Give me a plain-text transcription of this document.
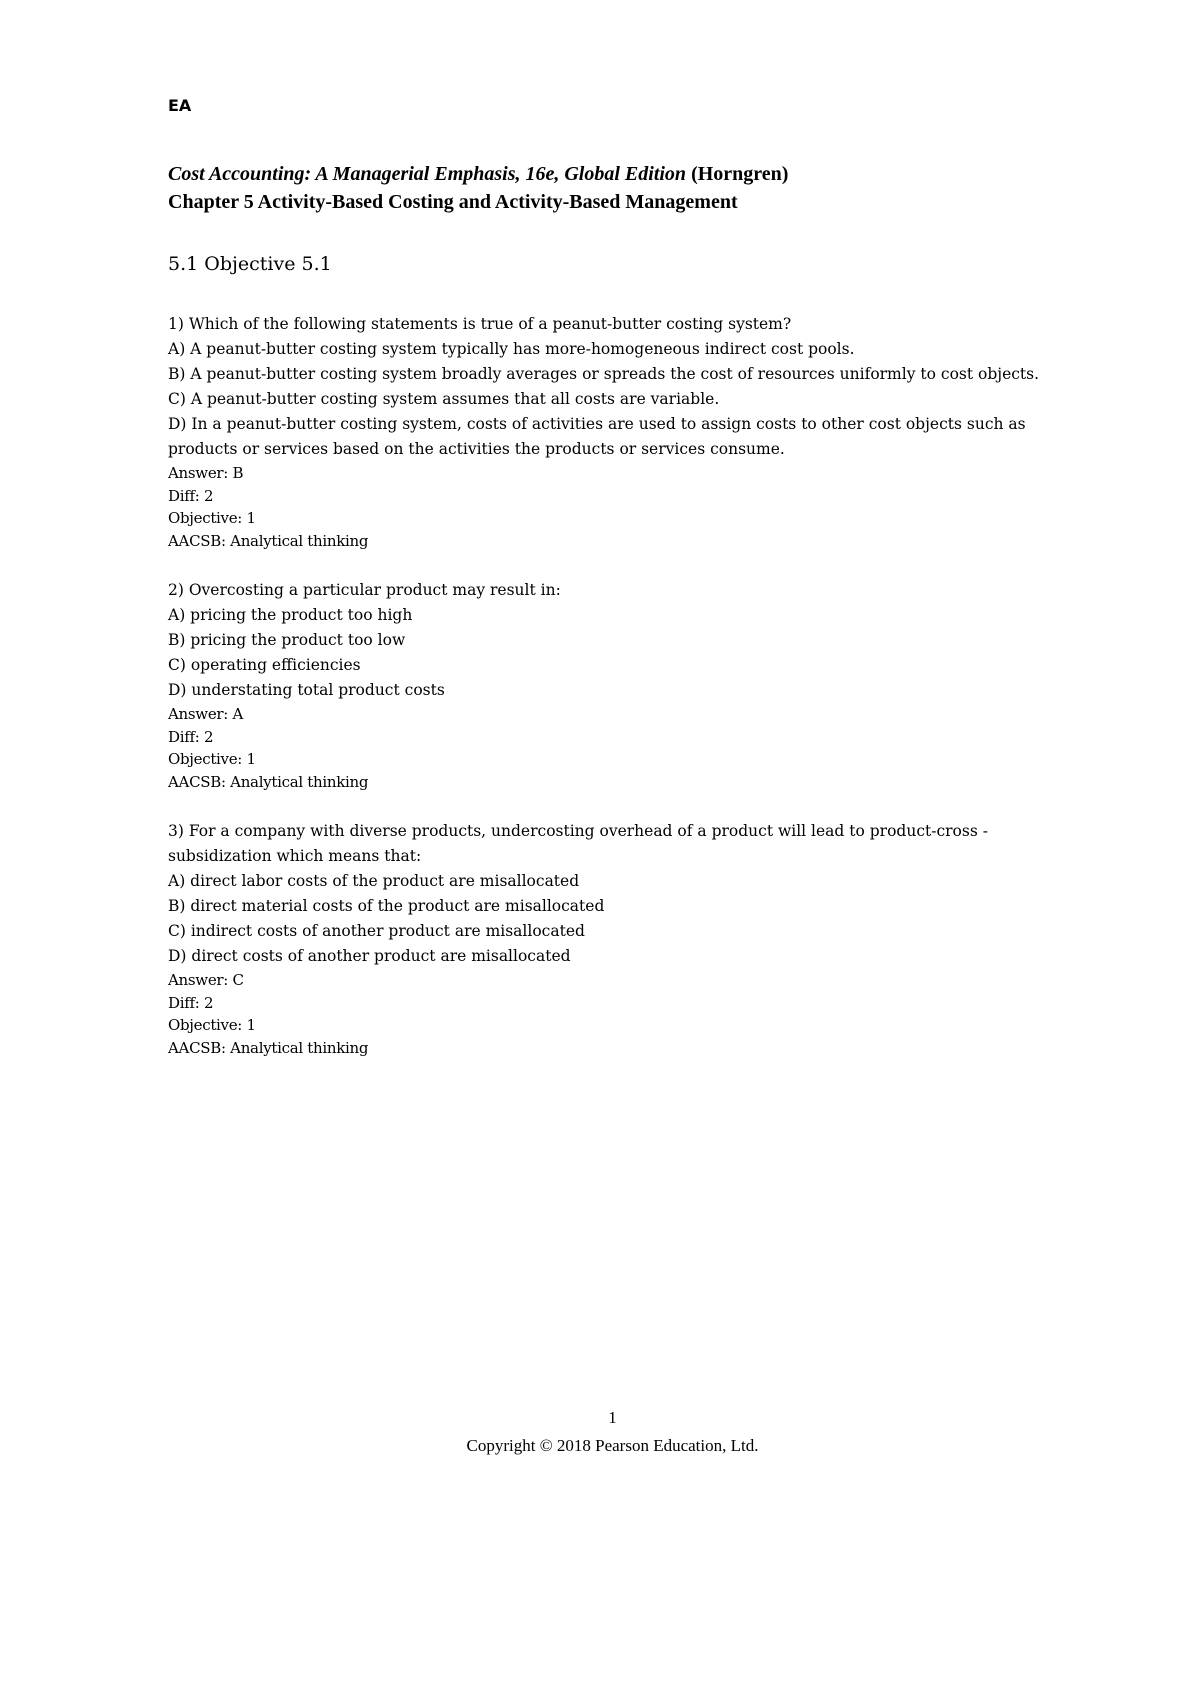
EA
Cost Accounting: A Managerial Emphasis, 16e, Global Edition (Horngren)
Chapter 5 Activity-Based Costing and Activity-Based Management
5.1 Objective 5.1
1) Which of the following statements is true of a peanut-butter costing system?
A) A peanut-butter costing system typically has more-homogeneous indirect cost pools.
B) A peanut-butter costing system broadly averages or spreads the cost of resources uniformly to cost objects.
C) A peanut-butter costing system assumes that all costs are variable.
D) In a peanut-butter costing system, costs of activities are used to assign costs to other cost objects such as products or services based on the activities the products or services consume.
Answer: B
Diff: 2
Objective: 1
AACSB: Analytical thinking
2) Overcosting a particular product may result in:
A) pricing the product too high
B) pricing the product too low
C) operating efficiencies
D) understating total product costs
Answer: A
Diff: 2
Objective: 1
AACSB: Analytical thinking
3) For a company with diverse products, undercosting overhead of a product will lead to product-cross - subsidization which means that:
A) direct labor costs of the product are misallocated
B) direct material costs of the product are misallocated
C) indirect costs of another product are misallocated
D) direct costs of another product are misallocated
Answer: C
Diff: 2
Objective: 1
AACSB: Analytical thinking
1
Copyright © 2018 Pearson Education, Ltd.
